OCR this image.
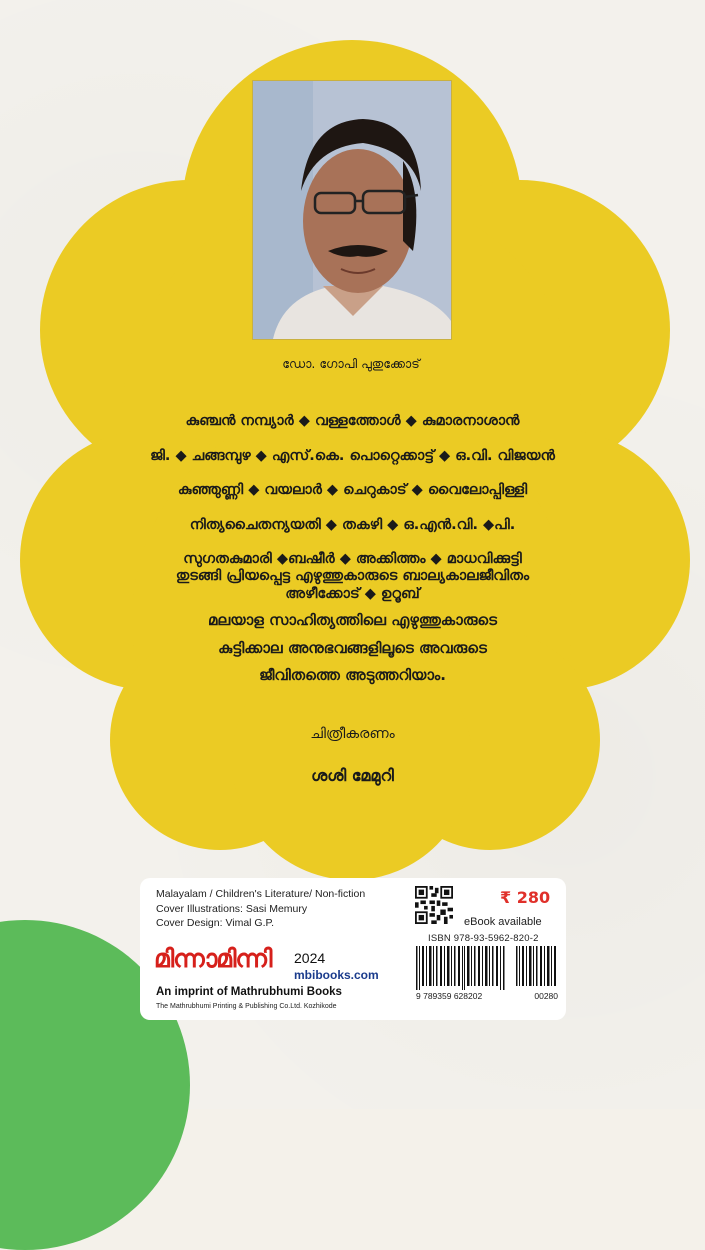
ഡോ. ഗോപി പുതുക്കോട്
കുഞ്ചൻ നമ്പ്യാർ ◆ വള്ളത്തോൾ ◆ കുമാരനാശാൻ
ജി. ◆ ചങ്ങമ്പുഴ ◆ എസ്.കെ. പൊറ്റെക്കാട്ട് ◆ ഒ.വി. വിജയൻ
കുഞ്ഞുണ്ണി ◆ വയലാർ ◆ ചെറുകാട് ◆ വൈലോപ്പിള്ളി
നിത്യചൈതന്യയതി ◆ തകഴി ◆ ഒ.എൻ.വി. ◆പി.
സുഗതകുമാരി ◆ബഷീർ ◆ അക്കിത്തം ◆ മാധവിക്കുട്ടി
അഴീക്കോട് ◆ ഉറൂബ്
തുടങ്ങി പ്രിയപ്പെട്ട എഴുത്തുകാരുടെ ബാല്യകാലജീവിതം
മലയാള സാഹിത്യത്തിലെ എഴുത്തുകാരുടെ
കുട്ടിക്കാല അനുഭവങ്ങളിലൂടെ അവരുടെ
ജീവിതത്തെ അടുത്തറിയാം.
ചിത്രീകരണം
ശശി മേമുറി
Malayalam / Children's Literature/ Non-fiction
Cover Illustrations: Sasi Memury
Cover Design: Vimal G.P.
₹ 280
eBook available
ISBN 978-93-5962-820-2
9 789359 628202	00280
മിന്നാമിന്നി 2024
mbibooks.com
An imprint of Mathrubhumi Books
The Mathrubhumi Printing & Publishing Co.Ltd. Kozhikode
